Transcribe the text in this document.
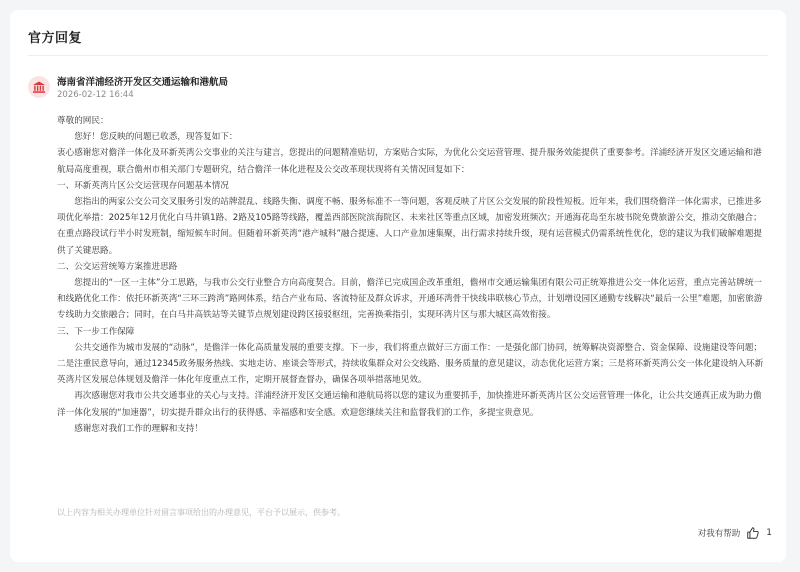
官方回复
海南省洋浦经济开发区交通运输和港航局
2026-02-12 16:44

尊敬的网民：

您好！您反映的问题已收悉，现答复如下：

衷心感谢您对儋洋一体化及环新英湾公交事业的关注与建言，您提出的问题精准贴切，方案贴合实际，为优化公交运营管理、提升服务效能提供了重要参考。洋浦经济开发区交通运输和港航局高度重视，联合儋州市相关部门专题研究，结合儋洋一体化进程及公交改革现状现将有关情况回复如下：

一、环新英湾片区公交运营现存问题基本情况

您指出的两家公交公司交叉服务引发的站牌混乱、线路失衡、调度不畅、服务标准不一等问题，客观反映了片区公交发展的阶段性短板。近年来，我们围绕儋洋一体化需求，已推进多项优化举措：2025年12月优化白马井镇1路、2路及105路等线路，覆盖西部医院滨海院区、未来社区等重点区域，加密发班频次；开通海花岛至东坡书院免费旅游公交，推动交旅融合；在重点路段试行半小时发班制，缩短候车时间。但随着环新英湾“港产城科”融合提速、人口产业加速集聚，出行需求持续升级，现有运营模式仍需系统性优化，您的建议为我们破解难题提供了关键思路。

二、公交运营统筹方案推进思路

您提出的“一区一主体”分工思路，与我市公交行业整合方向高度契合。目前，儋洋已完成国企改革重组，儋州市交通运输集团有限公司正统筹推进公交一体化运营，重点完善站牌统一和线路优化工作：依托环新英湾“三环三跨湾”路网体系，结合产业布局、客流特征及群众诉求，开通环湾骨干快线串联核心节点，计划增设园区通勤专线解决“最后一公里”难题，加密旅游专线助力交旅融合；同时，在白马井高铁站等关键节点规划建设跨区接驳枢纽，完善换乘指引，实现环湾片区与那大城区高效衔接。

三、下一步工作保障

公共交通作为城市发展的“动脉”，是儋洋一体化高质量发展的重要支撑。下一步，我们将重点做好三方面工作：一是强化部门协同，统筹解决资源整合、资金保障、设施建设等问题；二是注重民意导向，通过12345政务服务热线、实地走访、座谈会等形式，持续收集群众对公交线路、服务质量的意见建议，动态优化运营方案；三是将环新英湾公交一体化建设纳入环新英湾片区发展总体规划及儋洋一体化年度重点工作，定期开展督查督办，确保各项举措落地见效。

再次感谢您对我市公共交通事业的关心与支持。洋浦经济开发区交通运输和港航局将以您的建议为重要抓手，加快推进环新英湾片区公交运营管理一体化，让公共交通真正成为助力儋洋一体化发展的“加速器”，切实提升群众出行的获得感、幸福感和安全感。欢迎您继续关注和监督我们的工作，多提宝贵意见。

感谢您对我们工作的理解和支持！

以上内容为相关办理单位针对留言事项给出的办理意见，平台予以展示，供参考。
对我有帮助	1
